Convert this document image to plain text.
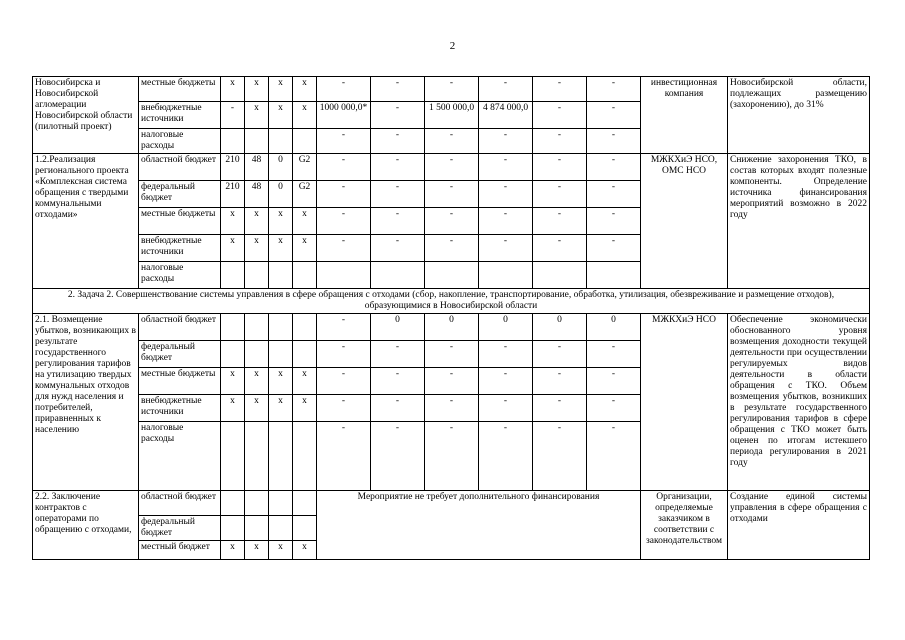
2
Новосибирска и Новосибирской агломерации Новосибирской области (пилотный проект)	местные бюджеты	x	x	x	x	-	-	-	-	-	-	инвестиционная компания	Новосибирской области, подлежащих размещению (захоронению), до 31%
	внебюджетные источники	-	x	x	x	1000 000,0*	-	1 500 000,0	4 874 000,0	-	-		
	налоговые расходы					-	-	-	-	-	-		
1.2.Реализация регионального проекта «Комплексная система обращения с твердыми коммунальными отходами»	областной бюджет	210	48	0	G2	-	-	-	-	-	-	МЖКХиЭ НСО, ОМС НСО	Снижение захоронения ТКО, в состав которых входят полезные компоненты. Определение источника финансирования мероприятий возможно в 2022 году
	федеральный бюджет	210	48	0	G2	-	-	-	-	-	-		
	местные бюджеты	x	x	x	x	-	-	-	-	-	-		
	внебюджетные источники	x	x	x	x	-	-	-	-	-	-		
	налоговые расходы												
2. Задача 2. Совершенствование системы управления в сфере обращения с отходами (сбор, накопление, транспортирование, обработка, утилизация, обезвреживание и размещение отходов), образующимися в Новосибирской области													
2.1. Возмещение убытков, возникающих в результате государственного регулирования тарифов на утилизацию твердых коммунальных отходов для нужд населения и потребителей, приравненных к населению	областной бюджет					-	0	0	0	0	0	МЖКХиЭ НСО	Обеспечение экономически обоснованного уровня возмещения доходности текущей деятельности при осуществлении регулируемых видов деятельности в области обращения с ТКО. Объем возмещения убытков, возникших в результате государственного регулирования тарифов в сфере обращения с ТКО может быть оценен по итогам истекшего периода регулирования в 2021 году
	федеральный бюджет					-	-	-	-	-	-		
	местные бюджеты	x	x	x	x	-	-	-	-	-	-		
	внебюджетные источники	x	x	x	x	-	-	-	-	-	-		
	налоговые расходы					-	-	-	-	-	-		
2.2. Заключение контрактов с операторами по обращению с отходами,	областной бюджет					Мероприятие не требует дополнительного финансирования						Организации, определяемые заказчиком в соответствии с законодательством	Создание единой системы управления в сфере обращения с отходами
	федеральный бюджет												
	местный бюджет	x	x	x	x								
